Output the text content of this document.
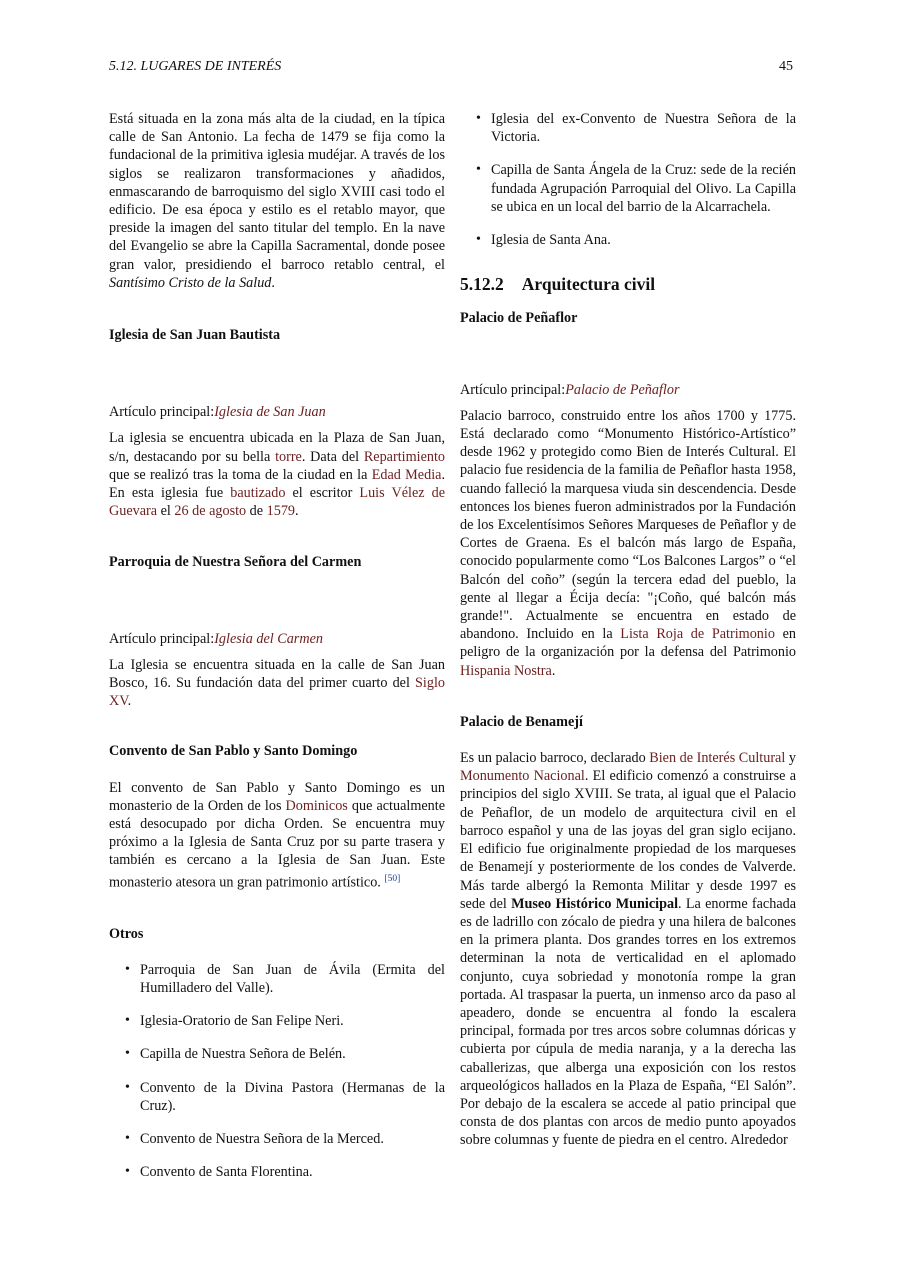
5.12. LUGARES DE INTERÉS	45

Está situada en la zona más alta de la ciudad, en la típica calle de San Antonio. La fecha de 1479 se fija como la fundacional de la primitiva iglesia mudéjar. A través de los siglos se realizaron transformaciones y añadidos, enmascarando de barroquismo del siglo XVIII casi todo el edificio. De esa época y estilo es el retablo mayor, que preside la imagen del santo titular del templo. En la nave del Evangelio se abre la Capilla Sacramental, donde posee gran valor, presidiendo el barroco retablo central, el Santísimo Cristo de la Salud.

Iglesia de San Juan Bautista

Artículo principal:Iglesia de San Juan

La iglesia se encuentra ubicada en la Plaza de San Juan, s/n, destacando por su bella torre. Data del Repartimiento que se realizó tras la toma de la ciudad en la Edad Media. En esta iglesia fue bautizado el escritor Luis Vélez de Guevara el 26 de agosto de 1579.

Parroquia de Nuestra Señora del Carmen

Artículo principal:Iglesia del Carmen

La Iglesia se encuentra situada en la calle de San Juan Bosco, 16. Su fundación data del primer cuarto del Siglo XV.

Convento de San Pablo y Santo Domingo

El convento de San Pablo y Santo Domingo es un monasterio de la Orden de los Dominicos que actualmente está desocupado por dicha Orden. Se encuentra muy próximo a la Iglesia de Santa Cruz por su parte trasera y también es cercano a la Iglesia de San Juan. Este monasterio atesora un gran patrimonio artístico. [50]

Otros
• Parroquia de San Juan de Ávila (Ermita del Humilladero del Valle).
• Iglesia-Oratorio de San Felipe Neri.
• Capilla de Nuestra Señora de Belén.
• Convento de la Divina Pastora (Hermanas de la Cruz).
• Convento de Nuestra Señora de la Merced.
• Convento de Santa Florentina.
• Iglesia del ex-Convento de Nuestra Señora de la Victoria.
• Capilla de Santa Ángela de la Cruz: sede de la recién fundada Agrupación Parroquial del Olivo. La Capilla se ubica en un local del barrio de la Alcarrachela.
• Iglesia de Santa Ana.
5.12.2 Arquitectura civil
Palacio de Peñaflor

Artículo principal:Palacio de Peñaflor

Palacio barroco, construido entre los años 1700 y 1775. Está declarado como “Monumento Histórico-Artístico” desde 1962 y protegido como Bien de Interés Cultural. El palacio fue residencia de la familia de Peñaflor hasta 1958, cuando falleció la marquesa viuda sin descendencia. Desde entonces los bienes fueron administrados por la Fundación de los Excelentísimos Señores Marqueses de Peñaflor y de Cortes de Graena. Es el balcón más largo de España, conocido popularmente como “Los Balcones Largos” o “el Balcón del coño” (según la tercera edad del pueblo, la gente al llegar a Écija decía: "¡Coño, qué balcón más grande!". Actualmente se encuentra en estado de abandono. Incluido en la Lista Roja de Patrimonio en peligro de la organización por la defensa del Patrimonio Hispania Nostra.

Palacio de Benamejí

Es un palacio barroco, declarado Bien de Interés Cultural y Monumento Nacional. El edificio comenzó a construirse a principios del siglo XVIII. Se trata, al igual que el Palacio de Peñaflor, de un modelo de arquitectura civil en el barroco español y una de las joyas del gran siglo ecijano. El edificio fue originalmente propiedad de los marqueses de Benamejí y posteriormente de los condes de Valverde. Más tarde albergó la Remonta Militar y desde 1997 es sede del Museo Histórico Municipal. La enorme fachada es de ladrillo con zócalo de piedra y una hilera de balcones en la primera planta. Dos grandes torres en los extremos determinan la nota de verticalidad en el aplomado conjunto, cuya sobriedad y monotonía rompe la gran portada. Al traspasar la puerta, un inmenso arco da paso al apeadero, donde se encuentra al fondo la escalera principal, formada por tres arcos sobre columnas dóricas y cubierta por cúpula de media naranja, y a la derecha las caballerizas, que alberga una exposición con los restos arqueológicos hallados en la Plaza de España, “El Salón”. Por debajo de la escalera se accede al patio principal que consta de dos plantas con arcos de medio punto apoyados sobre columnas y fuente de piedra en el centro. Alrededor
